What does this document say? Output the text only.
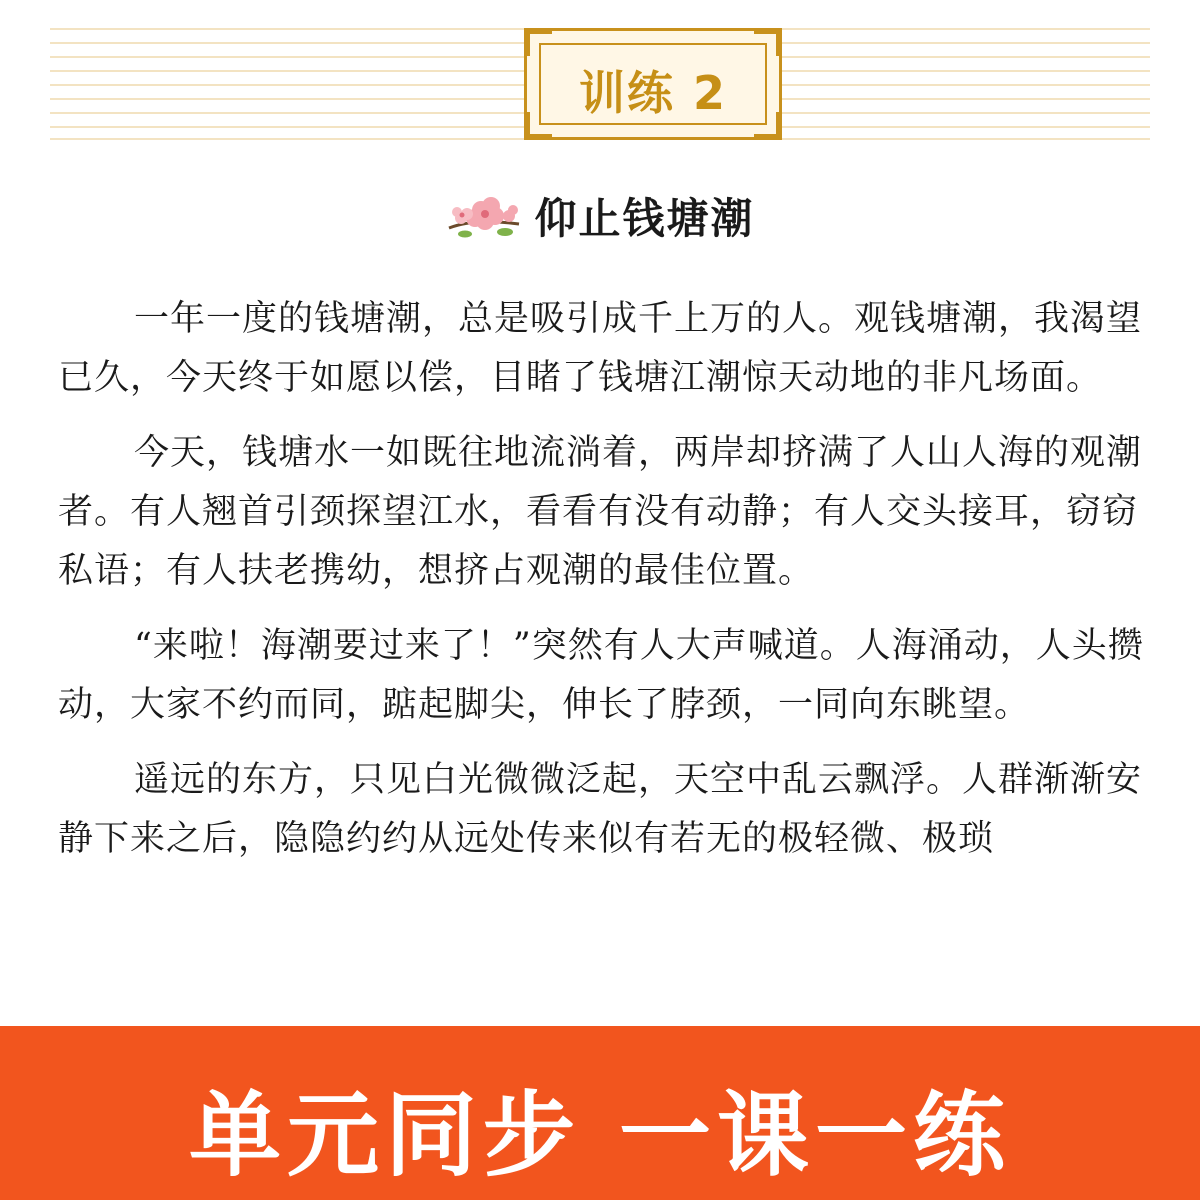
训练 2
仰止钱塘潮

一年一度的钱塘潮，总是吸引成千上万的人。观钱塘潮，我渴望已久，今天终于如愿以偿，目睹了钱塘江潮惊天动地的非凡场面。

今天，钱塘水一如既往地流淌着，两岸却挤满了人山人海的观潮者。有人翘首引颈探望江水，看看有没有动静；有人交头接耳，窃窃私语；有人扶老携幼，想挤占观潮的最佳位置。

“来啦！海潮要过来了！”突然有人大声喊道。人海涌动，人头攒动，大家不约而同，踮起脚尖，伸长了脖颈，一同向东眺望。

遥远的东方，只见白光微微泛起，天空中乱云飘浮。人群渐渐安静下来之后，隐隐约约从远处传来似有若无的极轻微、极琐

单元同步 一课一练
